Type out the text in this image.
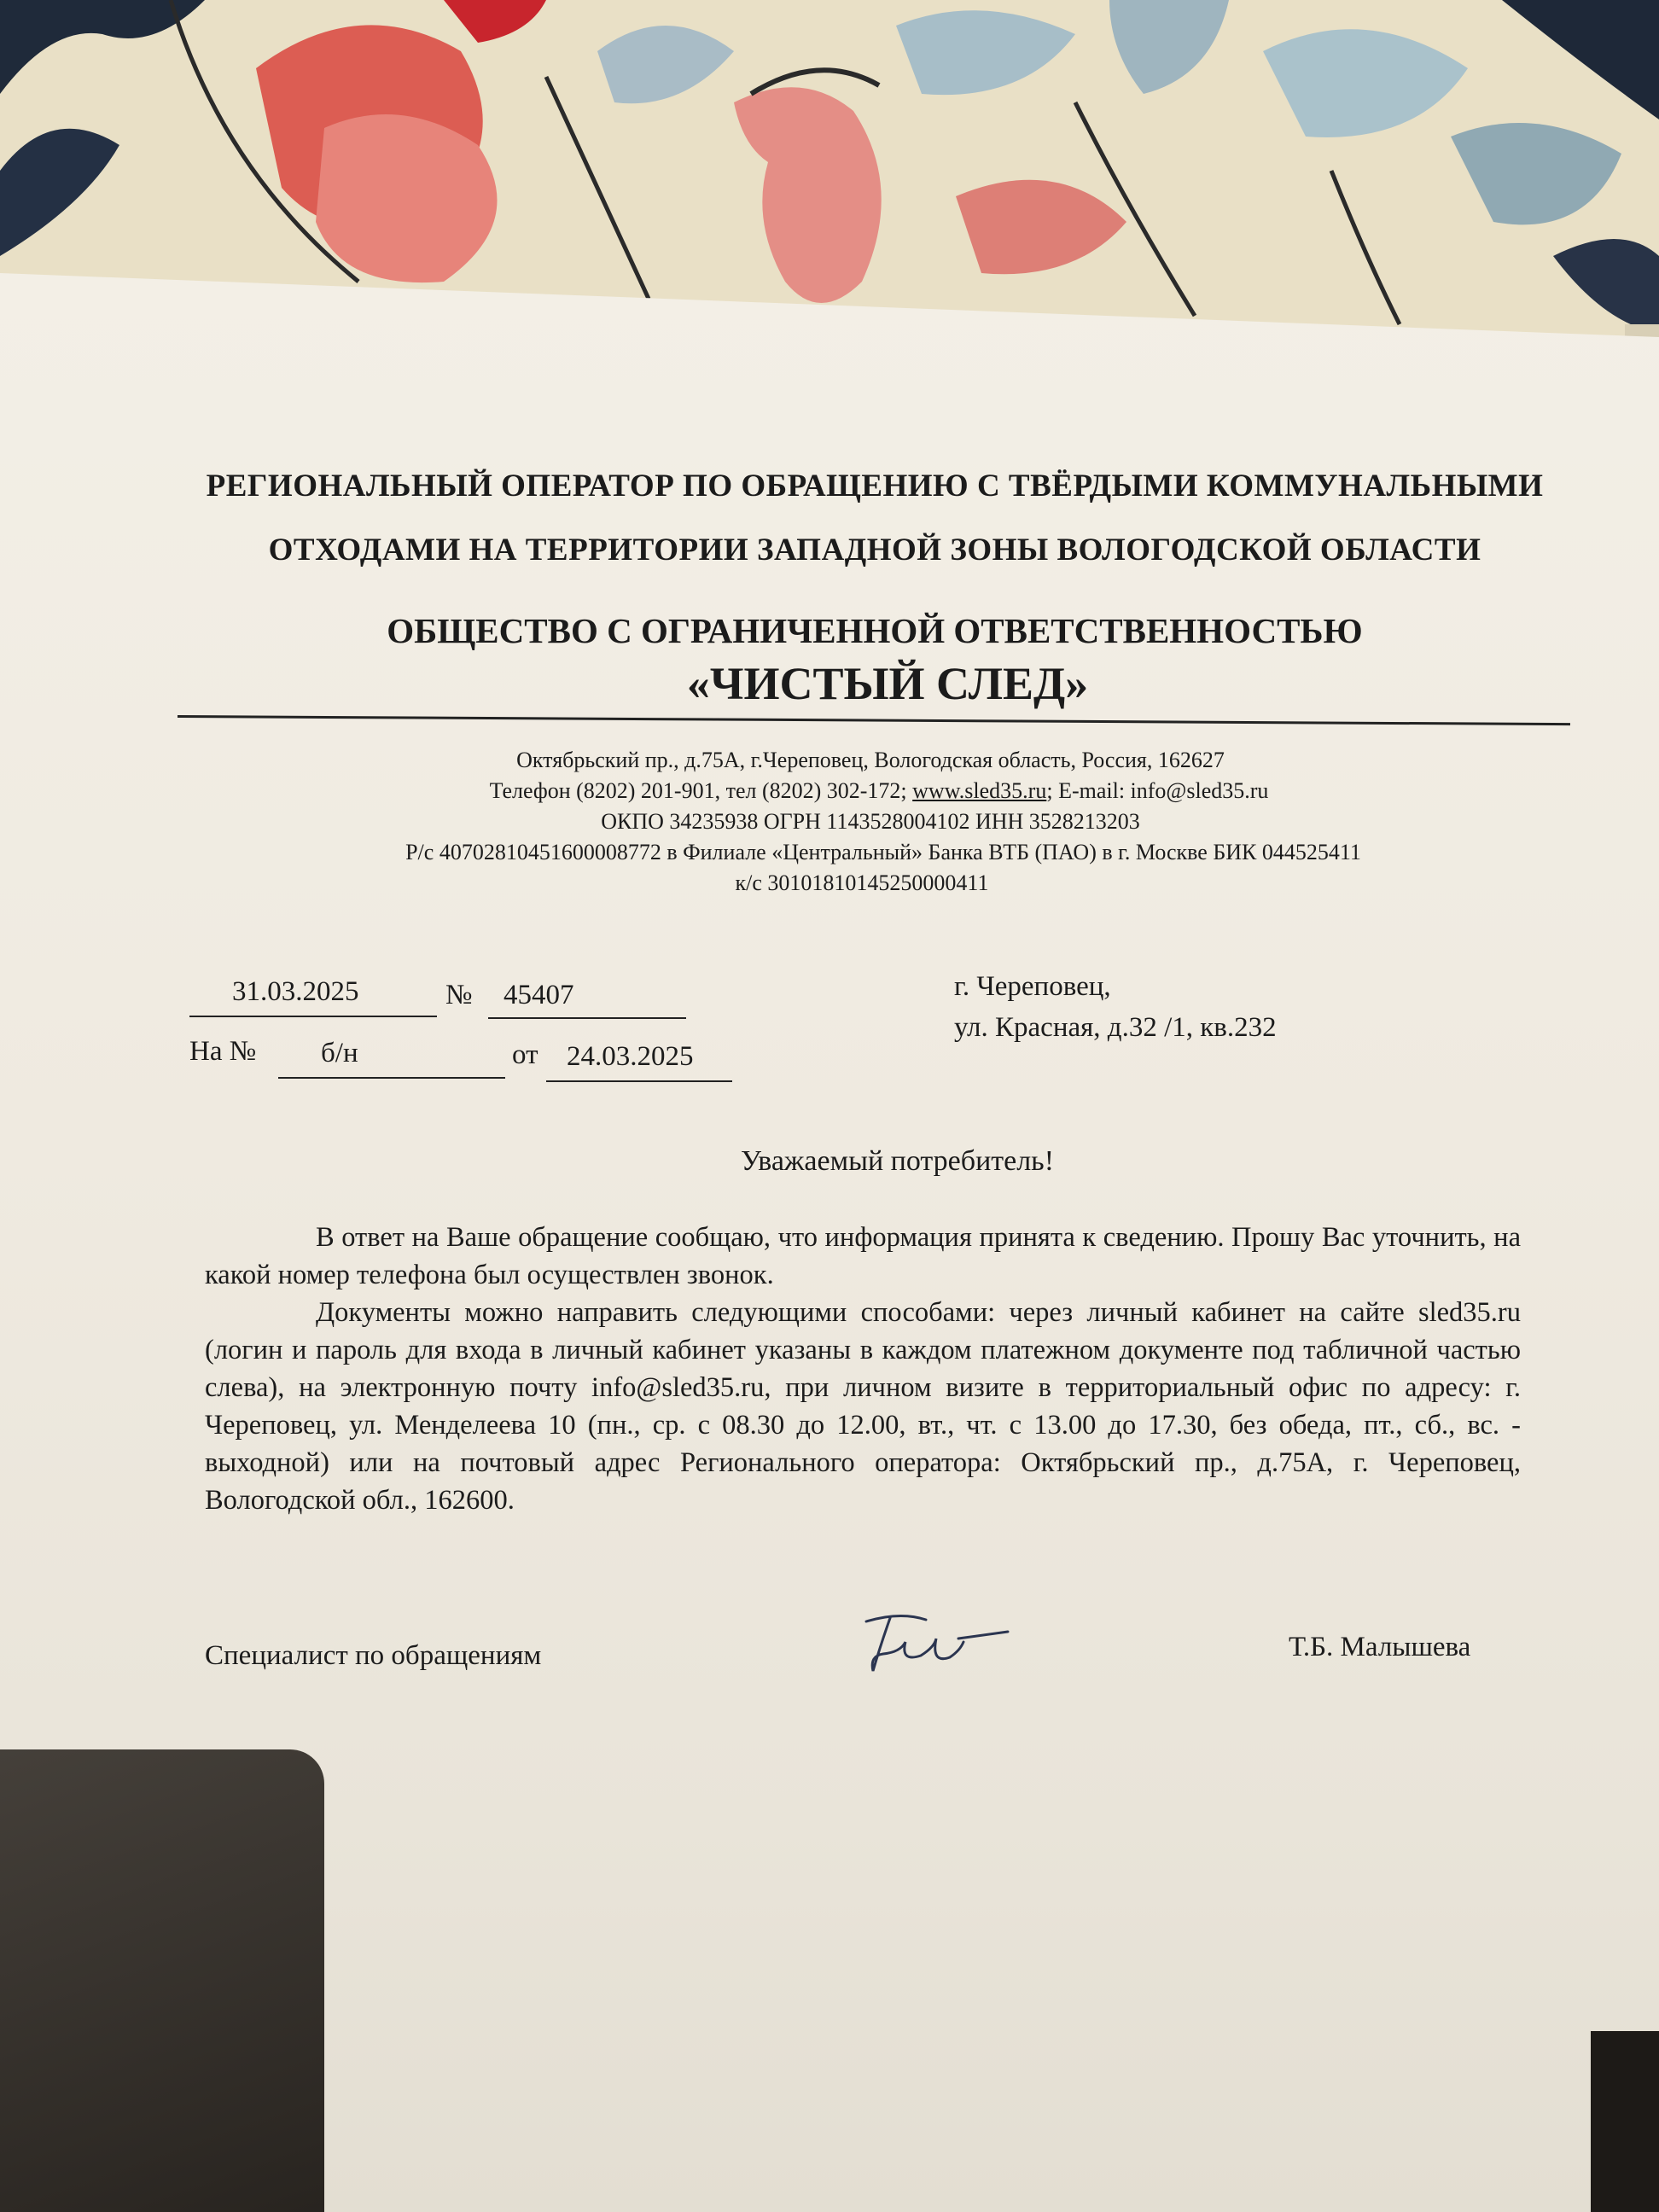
РЕГИОНАЛЬНЫЙ ОПЕРАТОР ПО ОБРАЩЕНИЮ С ТВЁРДЫМИ КОММУНАЛЬНЫМИ
ОТХОДАМИ НА ТЕРРИТОРИИ ЗАПАДНОЙ ЗОНЫ ВОЛОГОДСКОЙ ОБЛАСТИ
ОБЩЕСТВО С ОГРАНИЧЕННОЙ ОТВЕТСТВЕННОСТЬЮ
«ЧИСТЫЙ СЛЕД»
Октябрьский пр., д.75А, г.Череповец, Вологодская область, Россия, 162627
Телефон (8202) 201-901, тел (8202) 302-172; www.sled35.ru; E-mail: info@sled35.ru
ОКПО 34235938 ОГРН 1143528004102 ИНН 3528213203
Р/с 40702810451600008772 в Филиале «Центральный» Банка ВТБ (ПАО) в г. Москве БИК 044525411
к/с 30101810145250000411
31.03.2025	№ 45407
На № б/н	от 24.03.2025
г. Череповец,
ул. Красная, д.32 /1, кв.232
Уважаемый потребитель!

В ответ на Ваше обращение сообщаю, что информация принята к сведению. Прошу Вас уточнить, на какой номер телефона был осуществлен звонок.

Документы можно направить следующими способами: через личный кабинет на сайте sled35.ru (логин и пароль для входа в личный кабинет указаны в каждом платежном документе под табличной частью слева), на электронную почту info@sled35.ru, при личном визите в территориальный офис по адресу: г. Череповец, ул. Менделеева 10 (пн., ср. с 08.30 до 12.00, вт., чт. с 13.00 до 17.30, без обеда, пт., сб., вс. - выходной) или на почтовый адрес Регионального оператора: Октябрьский пр., д.75А, г. Череповец, Вологодской обл., 162600.

Специалист по обращениям	Т.Б. Малышева
